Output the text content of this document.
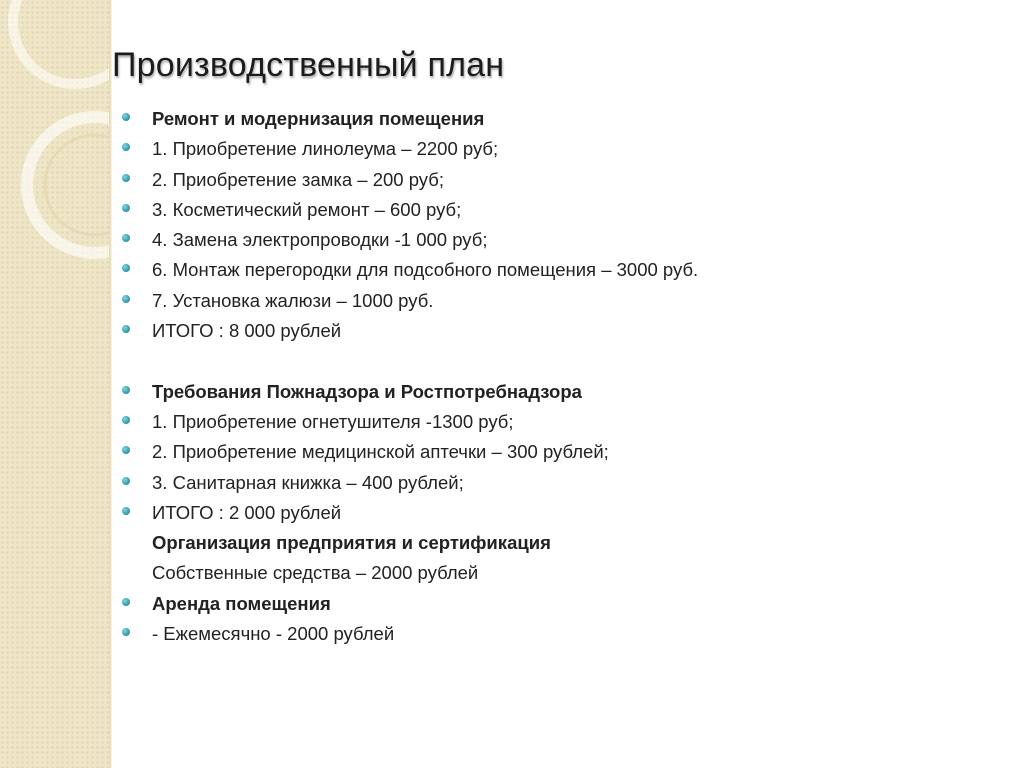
Производственный план
Ремонт и модернизация помещения
1. Приобретение линолеума – 2200 руб;
2. Приобретение замка – 200 руб;
3. Косметический ремонт – 600 руб;
4. Замена электропроводки -1 000 руб;
6. Монтаж перегородки для подсобного помещения – 3000 руб.
7. Установка жалюзи – 1000 руб.
ИТОГО : 8 000 рублей
Требования Пожнадзора и Ростпотребнадзора
1. Приобретение огнетушителя -1300 руб;
2. Приобретение медицинской аптечки – 300 рублей;
3. Санитарная книжка – 400 рублей;
ИТОГО : 2 000 рублей
Организация предприятия и сертификация
Собственные средства – 2000 рублей
Аренда помещения
- Ежемесячно - 2000 рублей
